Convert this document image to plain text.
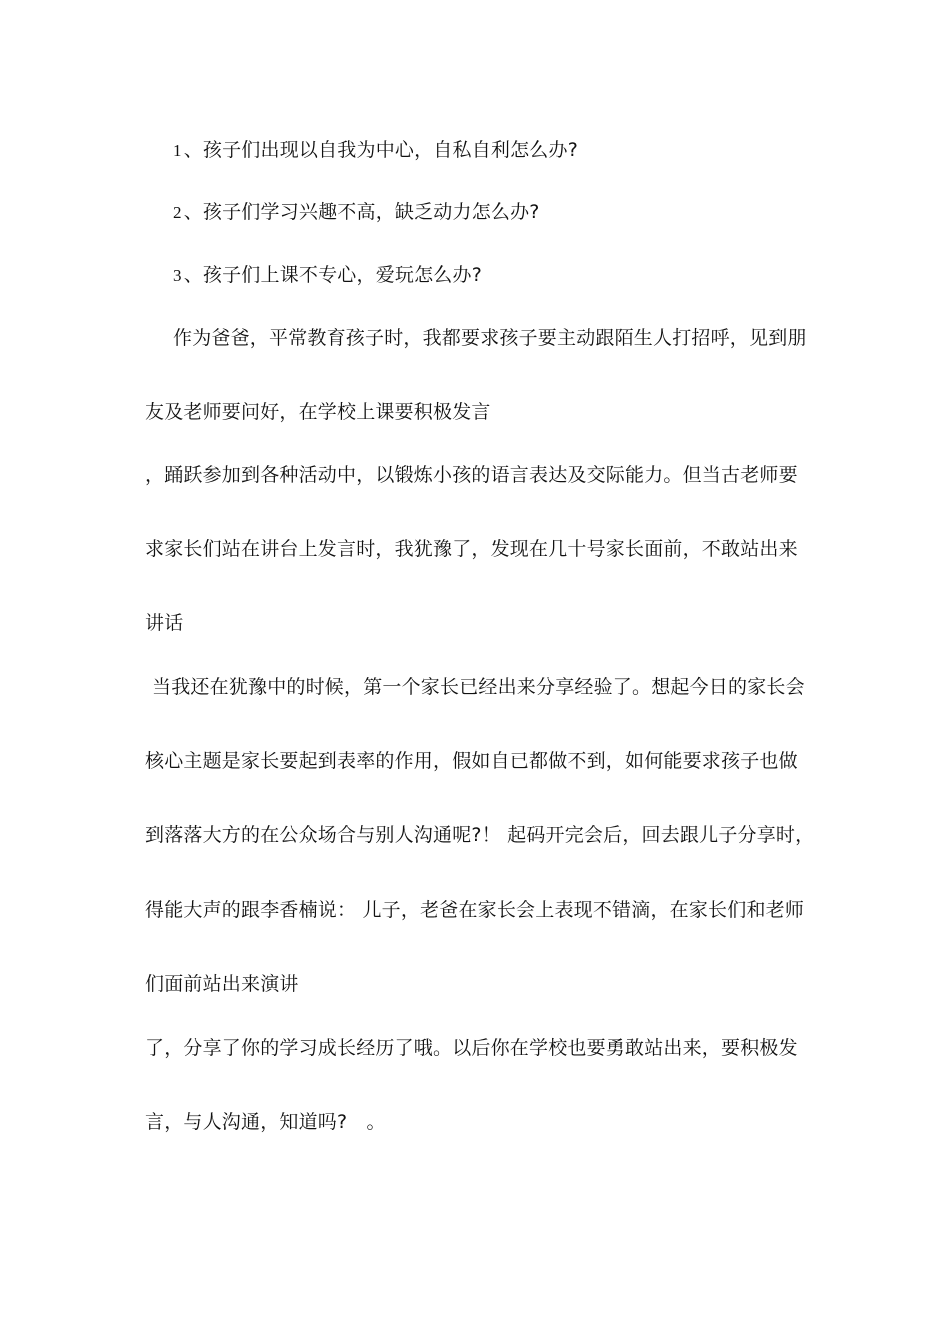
1 、孩子们出现以自我为中心，自私自利怎么办?
2 、孩子们学习兴趣不高，缺乏动力怎么办?
3 、孩子们上课不专心，爱玩怎么办?
作为爸爸，平常教育孩子时，我都要求孩子要主动跟陌生人打招呼，见到朋
友及老师要问好，在学校上课要积极发言
，踊跃参加到各种活动中，以锻炼小孩的语言表达及交际能力。但当古老师要
求家长们站在讲台上发言时，我犹豫了，发现在几十号家长面前，不敢站出来
讲话
当我还在犹豫中的时候，第一个家长已经出来分享经验了。想起今日的家长会
核心主题是家长要起到表率的作用，假如自已都做不到，如何能要求孩子也做
到落落大方的在公众场合与别人沟通呢?！ 起码开完会后，回去跟儿子分享时，
得能大声的跟李香楠说： 儿子，老爸在家长会上表现不错滴，在家长们和老师
们面前站出来演讲
了，分享了你的学习成长经历了哦。以后你在学校也要勇敢站出来，要积极发
言，与人沟通，知道吗?　。
